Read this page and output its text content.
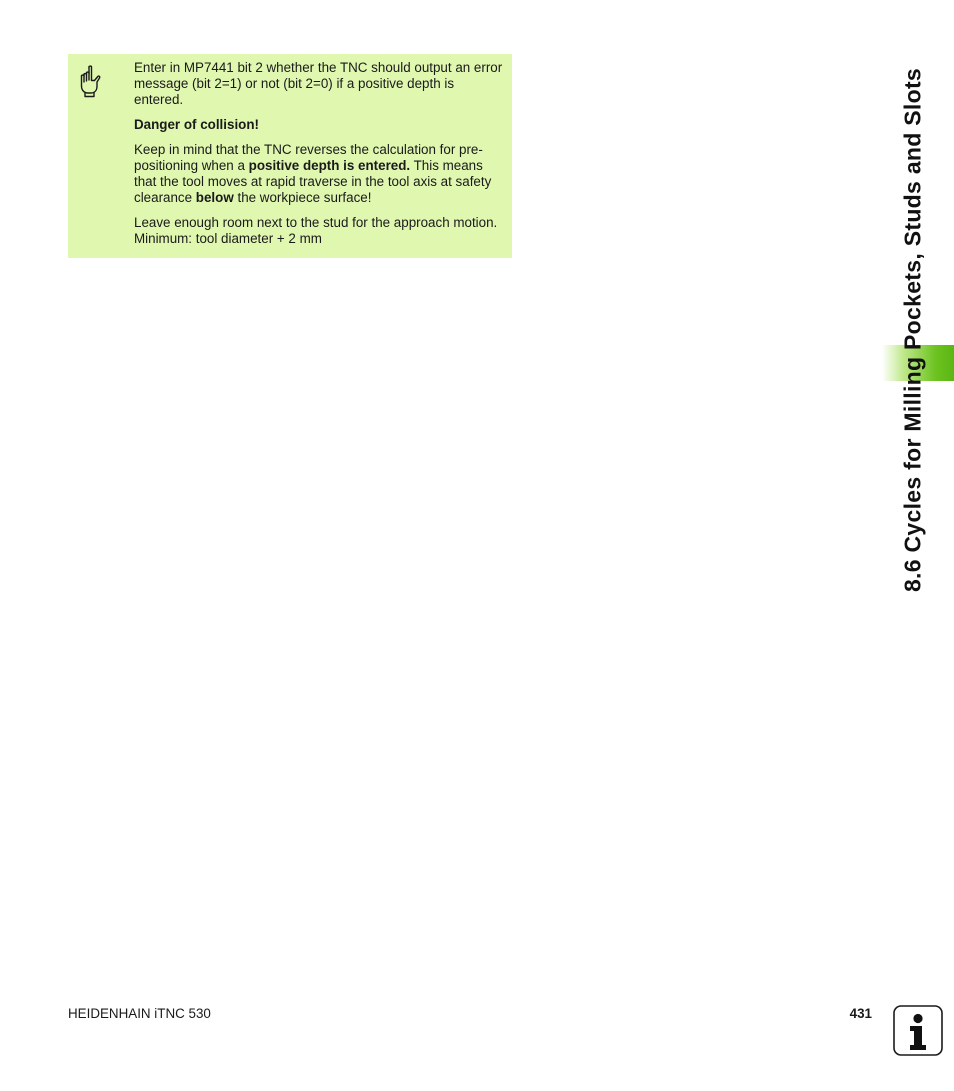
Enter in MP7441 bit 2 whether the TNC should output an error message (bit 2=1) or not (bit 2=0) if a positive depth is entered.

Danger of collision!

Keep in mind that the TNC reverses the calculation for pre-positioning when a positive depth is entered. This means that the tool moves at rapid traverse in the tool axis at safety clearance below the workpiece surface!

Leave enough room next to the stud for the approach motion. Minimum: tool diameter + 2 mm	8.6 Cycles for Milling Pockets, Studs and Slots
HEIDENHAIN iTNC 530	431
